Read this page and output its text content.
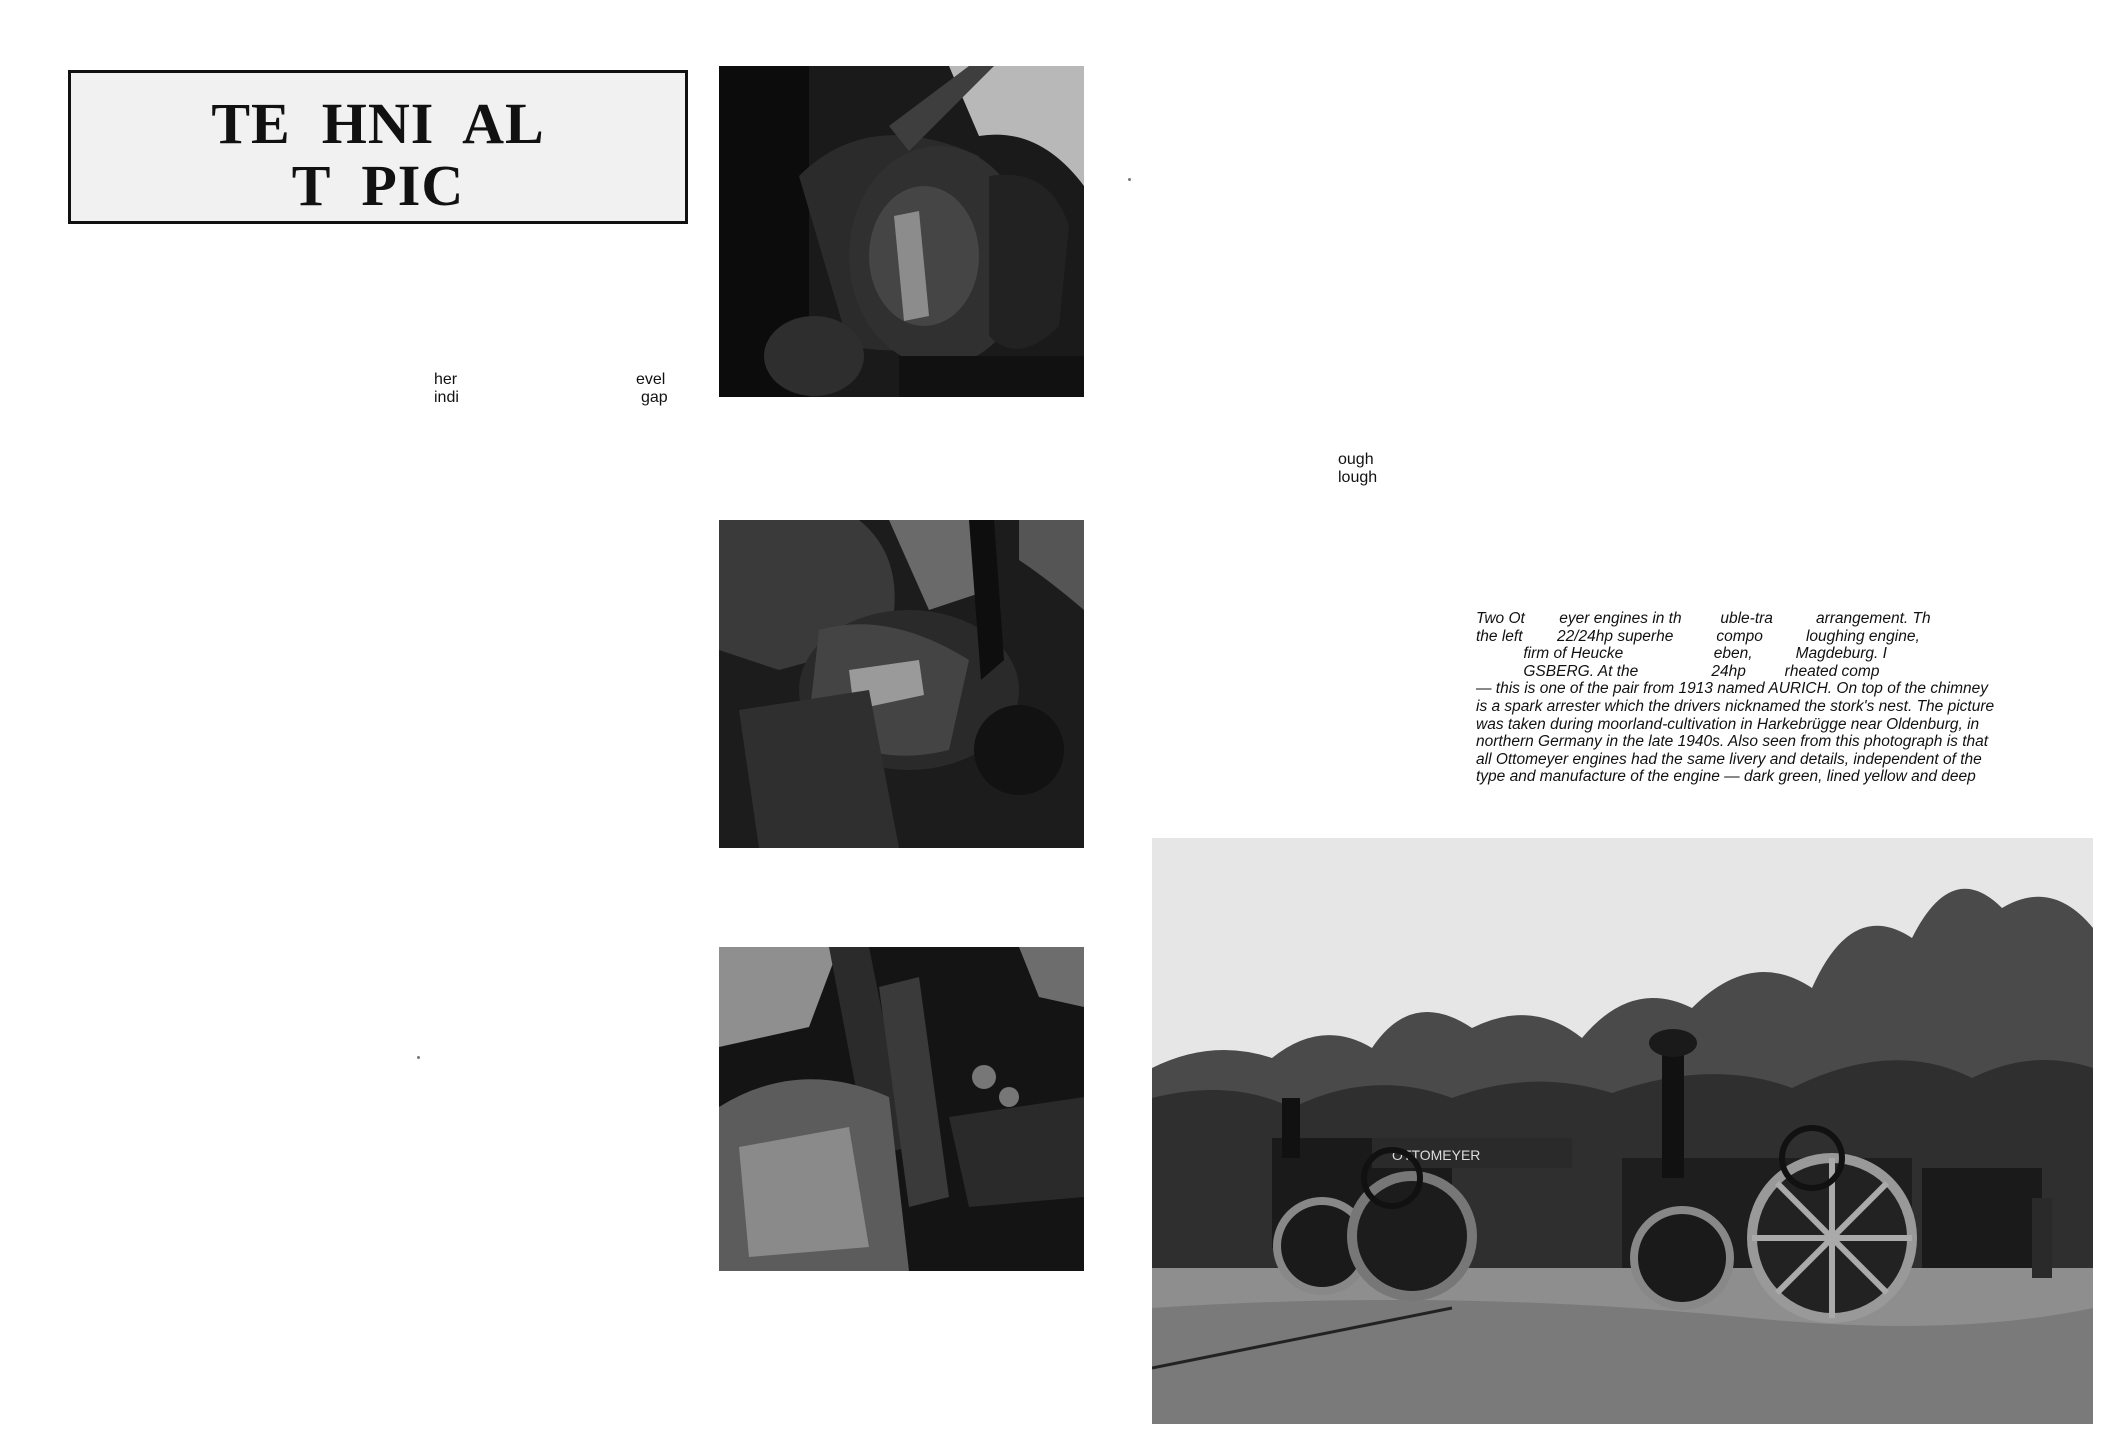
TE  HNI  AL
T  PIC
her
indi
evel
gap
ough
lough
Two Ot        eyer engines in th         uble-tra          arrangement. Th
the left        22/24hp superhe          compo          loughing engine,
firm of Heucke                     eben,          Magdeburg. I
GSBERG. At the                 24hp         rheated comp
— this is one of the pair from 1913 named AURICH. On top of the chimney
is a spark arrester which the drivers nicknamed the stork's nest. The picture
was taken during moorland-cultivation in Harkebrügge near Oldenburg, in
northern Germany in the late 1940s. Also seen from this photograph is that
all Ottomeyer engines had the same livery and details, independent of the
type and manufacture of the engine — dark green, lined yellow and deep
OTTOMEYER
